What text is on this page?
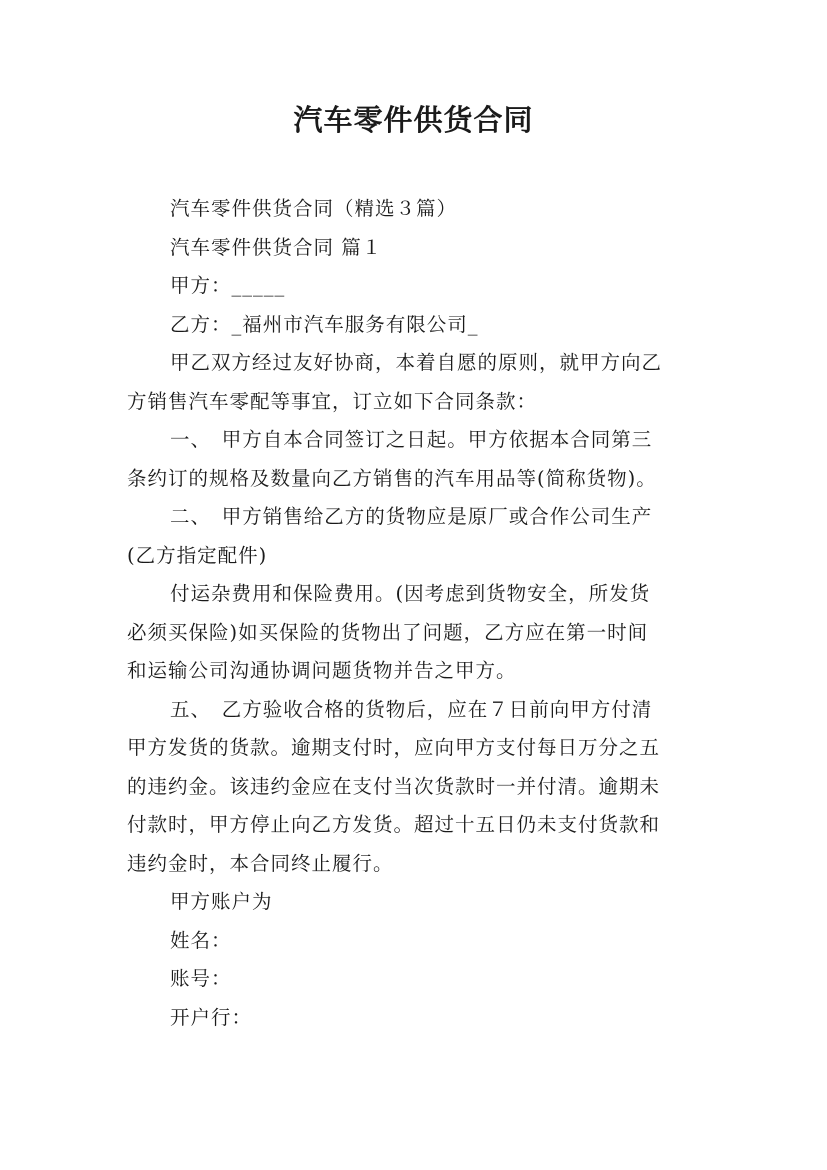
汽车零件供货合同

汽车零件供货合同（精选３篇）

汽车零件供货合同 篇１

甲方：_____

乙方：_福州市汽车服务有限公司_

甲乙双方经过友好协商，本着自愿的原则，就甲方向乙
方销售汽车零配等事宜，订立如下合同条款：

一、　甲方自本合同签订之日起。甲方依据本合同第三
条约订的规格及数量向乙方销售的汽车用品等(简称货物)。

二、　甲方销售给乙方的货物应是原厂或合作公司生产
(乙方指定配件)

付运杂费用和保险费用。(因考虑到货物安全，所发货
必须买保险)如买保险的货物出了问题，乙方应在第一时间
和运输公司沟通协调问题货物并告之甲方。

五、　乙方验收合格的货物后，应在７日前向甲方付清
甲方发货的货款。逾期支付时，应向甲方支付每日万分之五
的违约金。该违约金应在支付当次货款时一并付清。逾期未
付款时，甲方停止向乙方发货。超过十五日仍未支付货款和
违约金时，本合同终止履行。

甲方账户为

姓名：

账号：

开户行：
